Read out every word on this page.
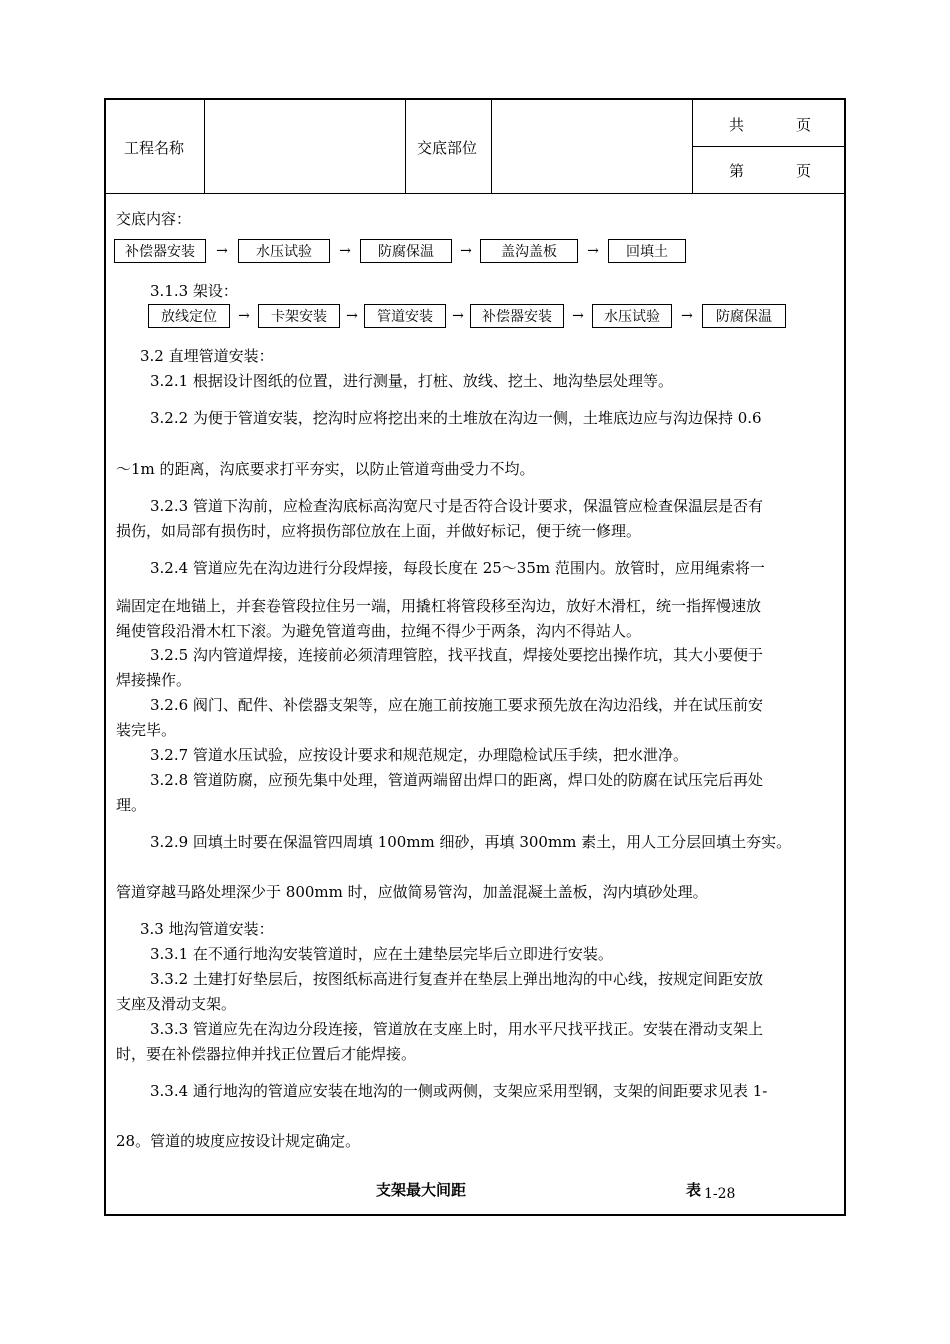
工程名称	交底部位
共	页
第	页
交底内容：
补偿器安装	→	水压试验	→	防腐保温	→	盖沟盖板	→	回填土
3.1.3 架设：
放线定位	→	卡架安装	→	管道安装	→	补偿器安装	→	水压试验	→	防腐保温
3.2 直埋管道安装：
3.2.1 根据设计图纸的位置，进行测量，打桩、放线、挖土、地沟垫层处理等。
3.2.2 为便于管道安装，挖沟时应将挖出来的土堆放在沟边一侧，土堆底边应与沟边保持 0.6
～1m 的距离，沟底要求打平夯实，以防止管道弯曲受力不均。
3.2.3 管道下沟前，应检查沟底标高沟宽尺寸是否符合设计要求，保温管应检查保温层是否有
损伤，如局部有损伤时，应将损伤部位放在上面，并做好标记，便于统一修理。
3.2.4 管道应先在沟边进行分段焊接，每段长度在 25～35m 范围内。放管时，应用绳索将一
端固定在地锚上，并套卷管段拉住另一端，用撬杠将管段移至沟边，放好木滑杠，统一指挥慢速放
绳使管段沿滑木杠下滚。为避免管道弯曲，拉绳不得少于两条，沟内不得站人。
3.2.5 沟内管道焊接，连接前必须清理管腔，找平找直，焊接处要挖出操作坑，其大小要便于
焊接操作。
3.2.6 阀门、配件、补偿器支架等，应在施工前按施工要求预先放在沟边沿线，并在试压前安
装完毕。
3.2.7 管道水压试验，应按设计要求和规范规定，办理隐检试压手续，把水泄净。
3.2.8 管道防腐，应预先集中处理，管道两端留出焊口的距离，焊口处的防腐在试压完后再处
理。
3.2.9 回填土时要在保温管四周填 100mm 细砂，再填 300mm 素土，用人工分层回填土夯实。
管道穿越马路处埋深少于 800mm 时，应做简易管沟，加盖混凝土盖板，沟内填砂处理。
3.3 地沟管道安装：
3.3.1 在不通行地沟安装管道时，应在土建垫层完毕后立即进行安装。
3.3.2 土建打好垫层后，按图纸标高进行复查并在垫层上弹出地沟的中心线，按规定间距安放
支座及滑动支架。
3.3.3 管道应先在沟边分段连接，管道放在支座上时，用水平尺找平找正。安装在滑动支架上
时，要在补偿器拉伸并找正位置后才能焊接。
3.3.4 通行地沟的管道应安装在地沟的一侧或两侧，支架应采用型钢，支架的间距要求见表 1-
28。管道的坡度应按设计规定确定。
支架最大间距	表 1-28
